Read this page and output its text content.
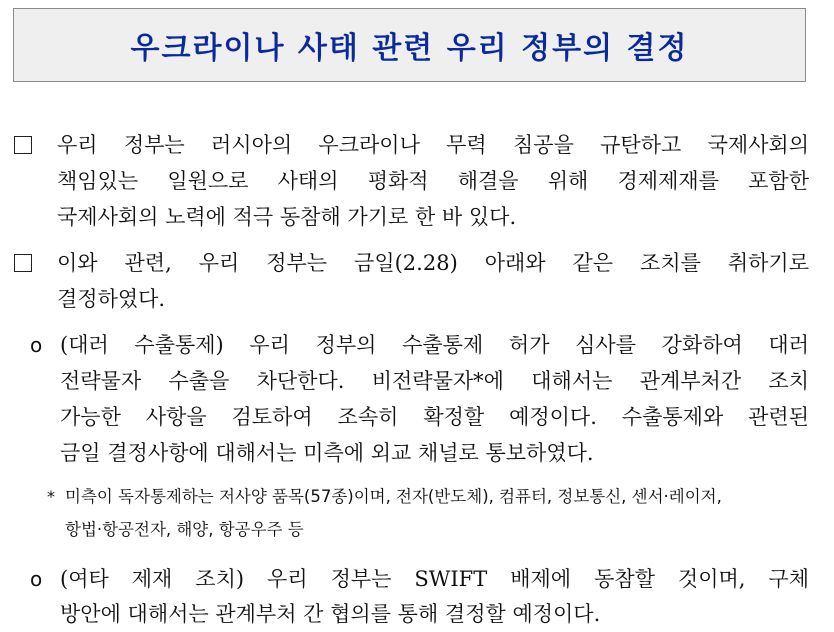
우크라이나 사태 관련 우리 정부의 결정
우리 정부는 러시아의 우크라이나 무력 침공을 규탄하고 국제사회의
책임있는 일원으로 사태의 평화적 해결을 위해 경제제재를 포함한
국제사회의 노력에 적극 동참해 가기로 한 바 있다.
이와 관련, 우리 정부는 금일(2.28) 아래와 같은 조치를 취하기로
결정하였다.
o (대러 수출통제) 우리 정부의 수출통제 허가 심사를 강화하여 대러
전략물자 수출을 차단한다. 비전략물자*에 대해서는 관계부처간 조치
가능한 사항을 검토하여 조속히 확정할 예정이다. 수출통제와 관련된
금일 결정사항에 대해서는 미측에 외교 채널로 통보하였다.
* 미측이 독자통제하는 저사양 품목(57종)이며, 전자(반도체), 컴퓨터, 정보통신, 센서·레이저,
항법·항공전자, 해양, 항공우주 등
o (여타 제재 조치) 우리 정부는 SWIFT 배제에 동참할 것이며, 구체
방안에 대해서는 관계부처 간 협의를 통해 결정할 예정이다.
